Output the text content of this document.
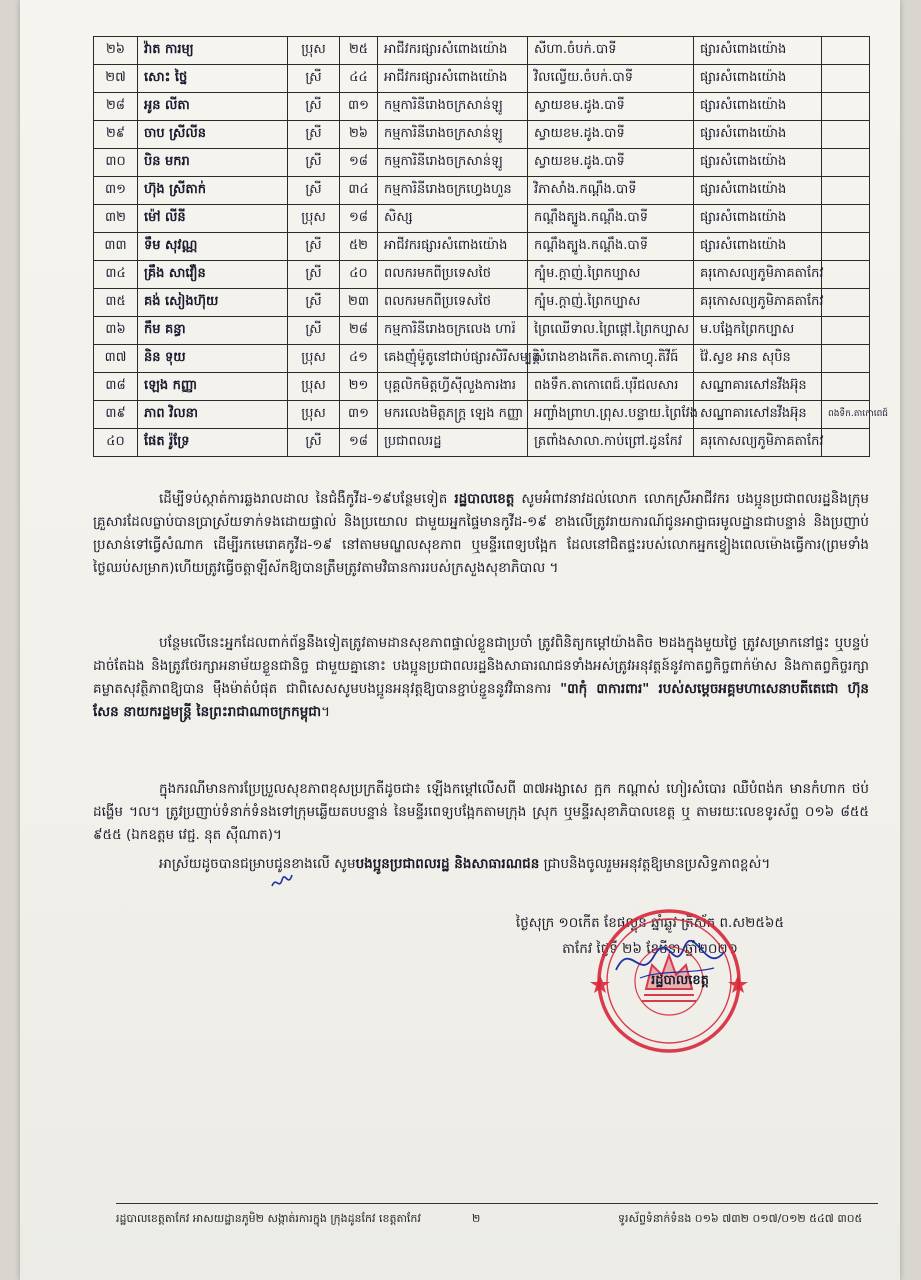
២៦	វ៉ាត ការម្យ	ប្រុស	២៥	អាជីវករផ្សារសំពោងយ៉ោង	សីហា.ចំបក់.បាទី	ផ្សារសំពោងយ៉ោង	
២៧	សោះ ថ្នៃ	ស្រី	៤៤	អាជីវករផ្សារសំពោងយ៉ោង	វិលល្វើយ.ចំបក់.បាទី	ផ្សារសំពោងយ៉ោង	
២៨	អូន លីតា	ស្រី	៣១	កម្មការិនីរោងចក្រសាន់ឡូ	ស្វាយខម.ដូង.បាទី	ផ្សារសំពោងយ៉ោង	
២៩	ចាប ស្រីលីន	ស្រី	២៦	កម្មការិនីរោងចក្រសាន់ឡូ	ស្វាយខម.ដូង.បាទី	ផ្សារសំពោងយ៉ោង	
៣០	បិន មករា	ស្រី	១៨	កម្មការិនីរោងចក្រសាន់ឡូ	ស្វាយខម.ដូង.បាទី	ផ្សារសំពោងយ៉ោង	
៣១	ហ៊ុង ស្រីតាក់	ស្រី	៣៤	កម្មការិនីរោងចក្រហ្វេងហួន	វិភាសាំង.កណ្ដឹង.បាទី	ផ្សារសំពោងយ៉ោង	
៣២	ម៉ៅ លីនី	ប្រុស	១៨	សិស្ស	កណ្ដឹងត្បូង.កណ្ដឹង.បាទី	ផ្សារសំពោងយ៉ោង	
៣៣	ទឹម សុវណ្ណ	ស្រី	៥២	អាជីវករផ្សារសំពោងយ៉ោង	កណ្ដឹងត្បូង.កណ្ដឹង.បាទី	ផ្សារសំពោងយ៉ោង	
៣៤	គ្រឹង សាវឿន	ស្រី	៤០	ពលករមកពីប្រទេសថៃ	ក្បុំម.ក្តាញ់.ព្រៃកប្បាស	គរុកោសល្យភូមិភាគតាកែវ	
៣៥	គង់ សៀងហ៊ុយ	ស្រី	២៣	ពលករមកពីប្រទេសថៃ	ក្បុំម.ក្តាញ់.ព្រៃកប្បាស	គរុកោសល្យភូមិភាគតាកែវ	
៣៦	កឹម គន្ធា	ស្រី	២៨	កម្មការិនីរោងចក្រលេង ហារ៉	ព្រៃឈើទាល.ព្រៃផ្តៅ.ព្រៃកប្បាស	ម.បង្អែកព្រៃកប្បាស	
៣៧	និន ទុយ	ប្រុស	៤១	គេងញុំម៉ូតូនៅជាប់ផ្សារសិរីសម្បត្តិ	សំរោងខាងកើត.តាកោហ្វុ.តិវីធ៍	វ៉ៃ.ស្វខ អាន សុបិន	
៣៨	ឡេង កញ្ញា	ប្រុស	២១	បុគ្គលិកមិត្តហ្វីស៊ីលួងការងារ	ពងទឹក.តាកោពេជ៍.បុរីជលសារ	សណ្ឋាគារសៅនវីងអ៊ុន	
៣៩	ភាព វិលនា	ប្រុស	៣១	មករលេងមិត្តភក្ដ្រ ឡេង កញ្ញា	អញ្ចាំងព្រាហ.ព្រុស.បន្ទាយ.ព្រៃវែង	សណ្ឋាគារសៅនវីងអ៊ុន	ពងទឹក.តាកោពេជ៍
៤០	ផែត រ៉ូទ្រែ	ស្រី	១៨	ប្រជាពលរដ្ឋ	ត្រពាំងសាលា.កាប់ព្រៅ.ដូនកែវ	គរុកោសល្យភូមិភាគតាកែវ	
ដើម្បីទប់ស្កាត់ការឆ្លងរាលដាល នៃជំងឺកូវីដ-១៩បន្ថែមទៀត រដ្ឋបាលខេត្ត សូមអំពាវនាវដល់លោក លោកស្រីអាជីវករ បងប្អូនប្រជាពលរដ្ឋនិងក្រុមគ្រួសារដែលធ្លាប់បានប្រាស្រ័យទាក់ទងដោយផ្ទាល់ និងប្រយោល ជាមួយអ្នកផ្ទៃមានកូវីដ-១៩ ខាងលើត្រូវរាយការណ៍ជូនអាជ្ញាធរមូលដ្ឋានជាបន្ទាន់ និងប្រញាប់ប្រសាន់ទៅធ្វើសំណាក ដើម្បីរកមេរោគកូវីដ-១៩ នៅតាមមណ្ឌលសុខភាព ឬមន្ទីរពេទ្យបង្អែក ដែលនៅជិតផ្ទះរបស់លោកអ្នកខ្វៀងពេលម៉ោងធ្វើការ(ព្រមទាំងថ្ងៃឈប់សម្រាក)ហើយត្រូវធ្វើចត្តាឡីស័កឱ្យបានត្រឹមត្រូវតាមវិធានការរបស់ក្រសួងសុខាភិបាល ។
បន្ថែមលើនេះអ្នកដែលពាក់ព័ន្ធនឹងទៀតត្រូវតាមដានសុខភាពផ្ទាល់ខ្លួនជាប្រចាំ ត្រូវពិនិត្យកម្ដៅយ៉ាងតិច ២ដងក្នុងមួយថ្ងៃ ត្រូវសម្រាកនៅផ្ទះ ឬបន្ទប់ដាច់តែឯង និងត្រូវថែរក្សាអនាម័យខ្លួនជានិច្ច ជាមួយគ្នានោះ បងប្អូនប្រជាពលរដ្ឋនិងសាធារណជនទាំងអស់ត្រូវអនុវត្តន៍នូវកាតព្វកិច្ចពាក់ម៉ាស និងកាតព្វកិច្ចរក្សាគម្លាតសុវត្ថិភាពឱ្យបាន ម៉ឹងម៉ាត់បំផុត ជាពិសេសសូមបងប្អូនអនុវត្តឱ្យបានខ្ជាប់ខ្ជួននូវវិធានការ "៣កុំ ៣ការពារ" របស់សម្ដេចអគ្គមហាសេនាបតីតេជោ ហ៊ុន សែន នាយករដ្ឋមន្ត្រី នៃព្រះរាជាណាចក្រកម្ពុជា។
ក្នុងករណីមានការប្រែប្រួលសុខភាពខុសប្រក្រតីដូចជា៖ ឡើងកម្ដៅលើសពី ៣៧អង្សាសេ ក្អក កណ្ដាស់ ហៀរសំបោរ ឈឺបំពង់ក មានកំហាក ថប់ដង្ហើម ។ល។ ត្រូវប្រញាប់ទំនាក់ទំនងទៅក្រុមឆ្លើយតបបន្ទាន់ នៃមន្ទីរពេទ្យបង្អែកតាមក្រុង ស្រុក ឬមន្ទីរសុខាភិបាលខេត្ត ឬ តាមរយៈលេខទូរស័ព្ទ ០១៦ ៨៥៥ ៩៥៥ (ឯកឧត្តម វេជ្ជ. នុត ស៊ីណាត)។
អាស្រ័យដូចបានជម្រាបជូនខាងលើ សូមបងប្អូនប្រជាពលរដ្ឋ និងសាធារណជន ជ្រាបនិងចូលរួមអនុវត្តឱ្យមានប្រសិទ្ធភាពខ្ពស់។
ថ្ងៃសុក្រ ១០កើត ខែផល្គុន ឆ្នាំឆ្លូវ ត្រីស័ក ព.ស២៥៦៥
តាកែវ ថ្ងៃទី ២៦ ខែមីនា ឆ្នាំ២០២១
រដ្ឋបាលខេត្ត
រដ្ឋបាលខេត្តតាកែវ អាសយដ្ឋានភូមិ២ សង្កាត់រការក្នុង ក្រុងដូនកែវ ខេត្តតាកែវ	២	ទូរស័ព្ទទំនាក់ទំនង ០១៦ ៧៣២ ០១៧/០១២ ៥៤៧ ៣០៥
